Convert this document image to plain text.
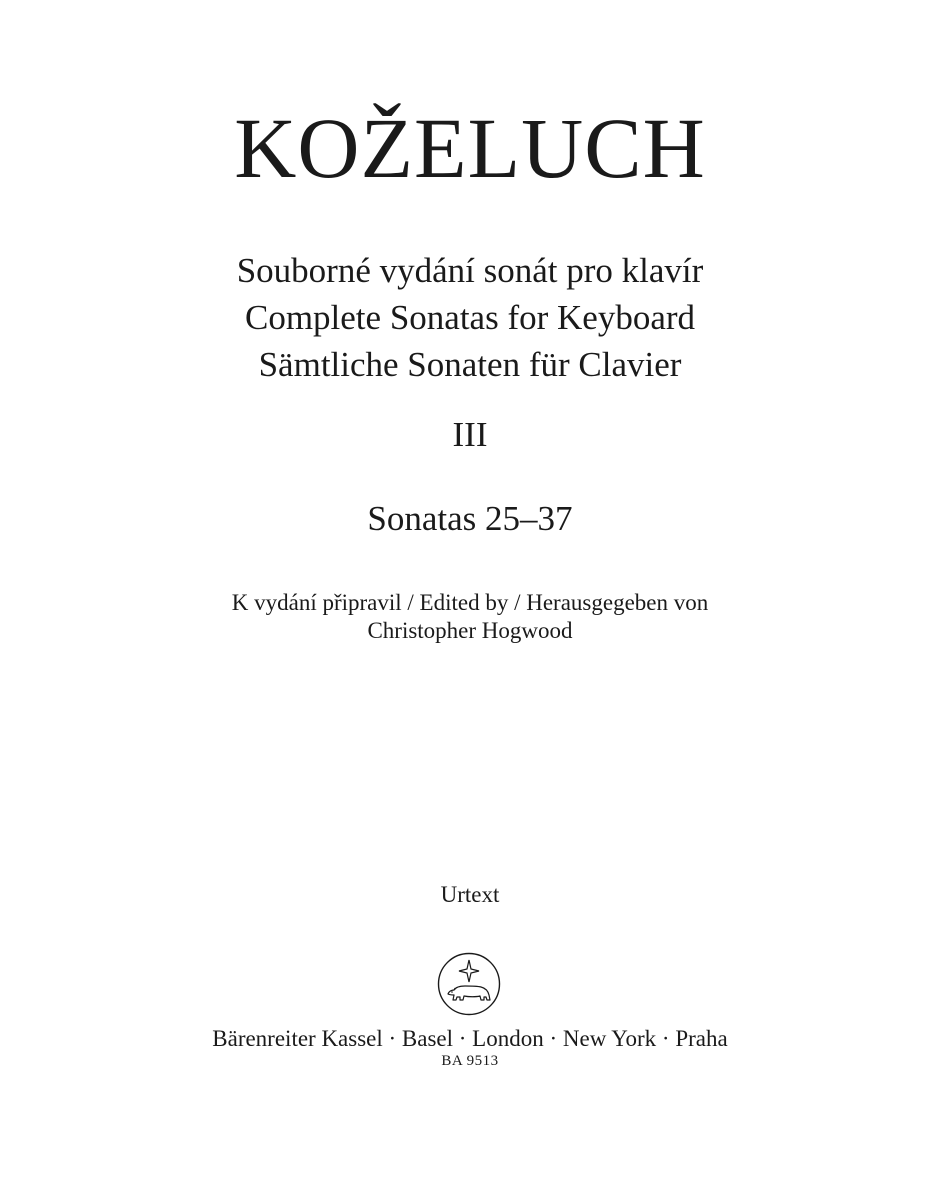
KOŽELUCH
Souborné vydání sonát pro klavír
Complete Sonatas for Keyboard
Sämtliche Sonaten für Clavier
III
Sonatas 25–37
K vydání připravil / Edited by / Herausgegeben von
Christopher Hogwood
Urtext
Bärenreiter Kassel · Basel · London · New York · Praha
BA 9513
